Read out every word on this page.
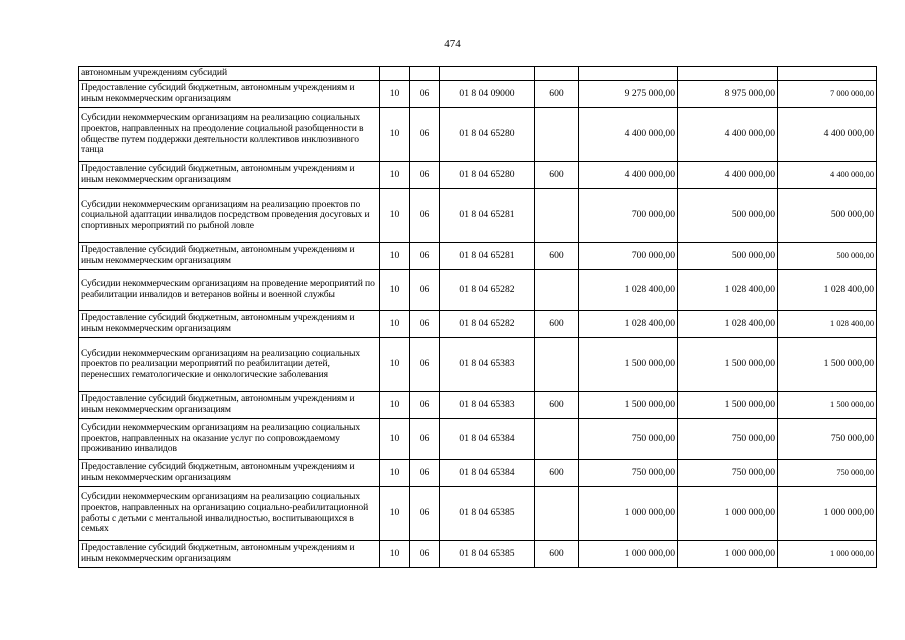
474
автономным учреждениям субсидий							
Предоставление субсидий бюджетным, автономным учреждениям и иным некоммерческим организациям	10	06	01 8 04 09000	600	9 275 000,00	8 975 000,00	7 000 000,00
Субсидии некоммерческим организациям на реализацию социальных проектов, направленных на преодоление социальной разобщенности в обществе путем поддержки деятельности коллективов инклюзивного танца	10	06	01 8 04 65280		4 400 000,00	4 400 000,00	4 400 000,00
Предоставление субсидий бюджетным, автономным учреждениям и иным некоммерческим организациям	10	06	01 8 04 65280	600	4 400 000,00	4 400 000,00	4 400 000,00
Субсидии некоммерческим организациям на реализацию проектов по социальной адаптации инвалидов посредством проведения досуговых и спортивных мероприятий по рыбной ловле	10	06	01 8 04 65281		700 000,00	500 000,00	500 000,00
Предоставление субсидий бюджетным, автономным учреждениям и иным некоммерческим организациям	10	06	01 8 04 65281	600	700 000,00	500 000,00	500 000,00
Субсидии некоммерческим организациям на проведение мероприятий по реабилитации инвалидов и ветеранов войны и военной службы	10	06	01 8 04 65282		1 028 400,00	1 028 400,00	1 028 400,00
Предоставление субсидий бюджетным, автономным учреждениям и иным некоммерческим организациям	10	06	01 8 04 65282	600	1 028 400,00	1 028 400,00	1 028 400,00
Субсидии некоммерческим организациям на реализацию социальных проектов по реализации мероприятий по реабилитации детей, перенесших гематологические и онкологические заболевания	10	06	01 8 04 65383		1 500 000,00	1 500 000,00	1 500 000,00
Предоставление субсидий бюджетным, автономным учреждениям и иным некоммерческим организациям	10	06	01 8 04 65383	600	1 500 000,00	1 500 000,00	1 500 000,00
Субсидии некоммерческим организациям на реализацию социальных проектов, направленных на оказание услуг по сопровождаемому проживанию инвалидов	10	06	01 8 04 65384		750 000,00	750 000,00	750 000,00
Предоставление субсидий бюджетным, автономным учреждениям и иным некоммерческим организациям	10	06	01 8 04 65384	600	750 000,00	750 000,00	750 000,00
Субсидии некоммерческим организациям на реализацию социальных проектов, направленных на организацию социально-реабилитационной работы с детьми с ментальной инвалидностью, воспитывающихся в семьях	10	06	01 8 04 65385		1 000 000,00	1 000 000,00	1 000 000,00
Предоставление субсидий бюджетным, автономным учреждениям и иным некоммерческим организациям	10	06	01 8 04 65385	600	1 000 000,00	1 000 000,00	1 000 000,00
